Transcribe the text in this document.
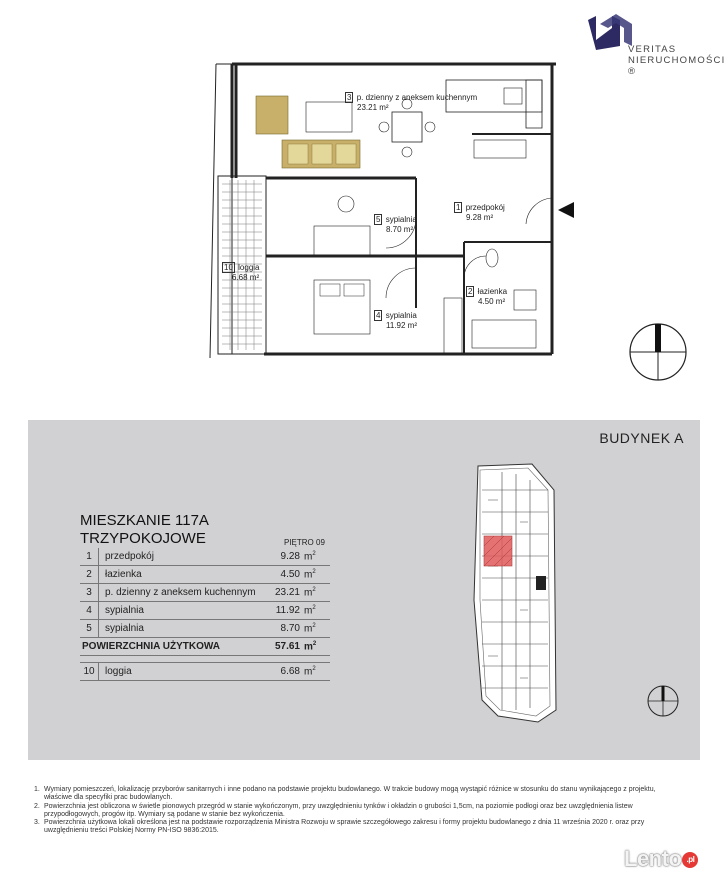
VERITAS
NIERUCHOMOŚCI ®
3 p. dzienny z aneksem kuchennym
23.21 m²
1 przedpokój
9.28 m²
5 sypialnia
8.70 m²
10 loggia
6.68 m²
2 łazienka
4.50 m²
4 sypialnia
11.92 m²
BUDYNEK A
MIESZKANIE 117A
TRZYPOKOJOWE	PIĘTRO 09
1	przedpokój	9.28	$m^2$
2	łazienka	4.50	$m^2$
3	p. dzienny z aneksem kuchennym	23.21	$m^2$
4	sypialnia	11.92	$m^2$
5	sypialnia	8.70	$m^2$
POWIERZCHNIA UŻYTKOWA		57.61	$m^2$

10	loggia	6.68	$m^2$

1. Wymiary pomieszczeń, lokalizację przyborów sanitarnych i inne podano na podstawie projektu budowlanego. W trakcie budowy mogą wystąpić różnice w stosunku do stanu wynikającego z projektu, właściwe dla specyfiki prac budowlanych.

2. Powierzchnia jest obliczona w świetle pionowych przegród w stanie wykończonym, przy uwzględnieniu tynków i okładzin o grubości 1,5cm, na poziomie podłogi oraz bez uwzględnienia listew przypodłogowych, progów itp. Wymiary są podane w stanie bez wykończenia.

3. Powierzchnia użytkowa lokali określona jest na podstawie rozporządzenia Ministra Rozwoju w sprawie szczegółowego zakresu i formy projektu budowlanego z dnia 11 września 2020 r. oraz przy uwzględnieniu treści Polskiej Normy PN-ISO 9836:2015.

Lento .pl
